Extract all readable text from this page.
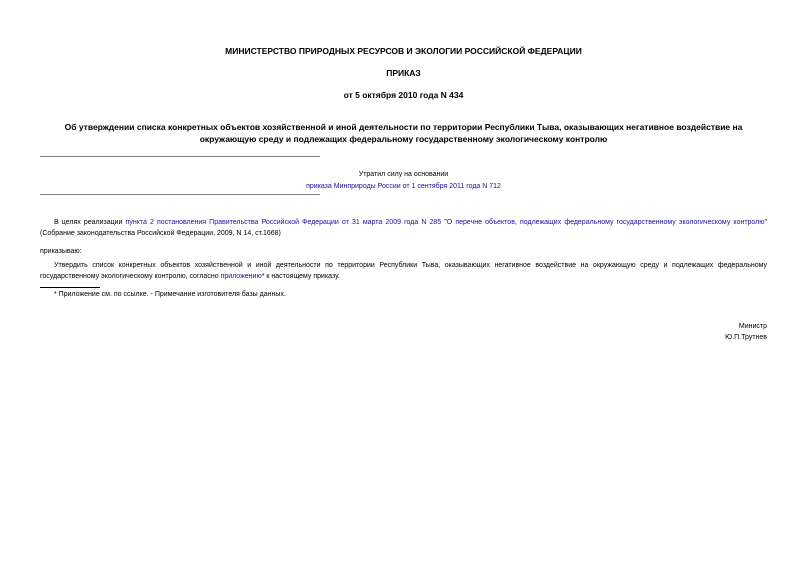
МИНИСТЕРСТВО ПРИРОДНЫХ РЕСУРСОВ И ЭКОЛОГИИ РОССИЙСКОЙ ФЕДЕРАЦИИ
ПРИКАЗ
от 5 октября 2010 года N 434
Об утверждении списка конкретных объектов хозяйственной и иной деятельности по территории Республики Тыва, оказывающих негативное воздействие на окружающую среду и подлежащих федеральному государственному экологическому контролю
Утратил силу на основании
приказа Минприроды России от 1 сентября 2011 года N 712
В целях реализации пункта 2 постановления Правительства Российской Федерации от 31 марта 2009 года N 285 "О перечне объектов, подлежащих федеральному государственному экологическому контролю" (Собрание законодательства Российской Федерации, 2009, N 14, ст.1668)
приказываю:
Утвердить список конкретных объектов хозяйственной и иной деятельности по территории Республики Тыва, оказывающих негативное воздействие на окружающую среду и подлежащих федеральному государственному экологическому контролю, согласно приложению* к настоящему приказу.
* Приложение см. по ссылке. - Примечание изготовителя базы данных.
Министр
Ю.П.Трутнев
